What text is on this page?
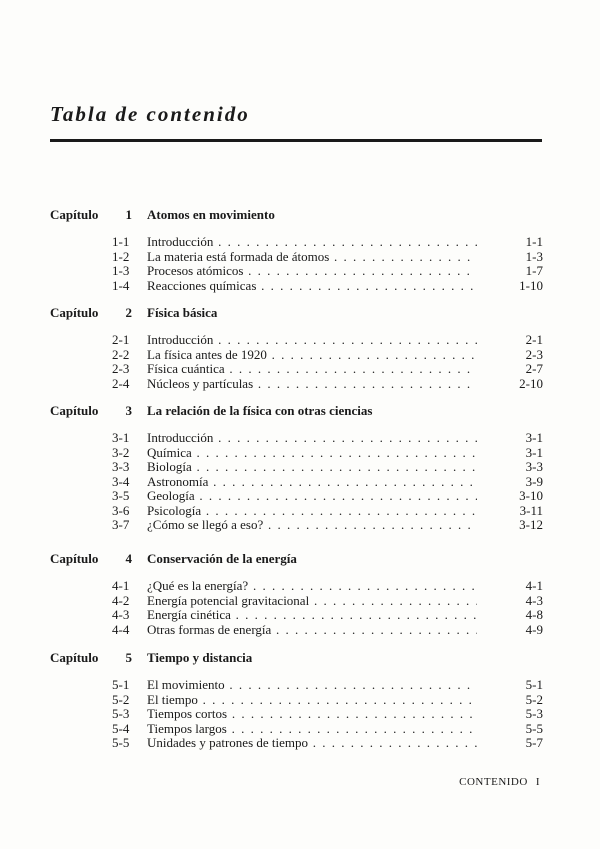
Tabla de contenido
Capítulo	1 Atomos en movimiento
1-1 Introducción . . .	1-1
1-2 La materia está formada de átomos . . .	1-3
1-3 Procesos atómicos . . .	1-7
1-4 Reacciones químicas . . .	1-10
Capítulo	2 Física básica
2-1 Introducción . . .	2-1
2-2 La física antes de 1920 . . .	2-3
2-3 Física cuántica . . .	2-7
2-4 Núcleos y partículas . . .	2-10
Capítulo	3 La relación de la física con otras ciencias
3-1 Introducción . . .	3-1
3-2 Química . . .	3-1
3-3 Biología . . .	3-3
3-4 Astronomía . . .	3-9
3-5 Geología . . .	3-10
3-6 Psicología . . .	3-11
3-7 ¿Cómo se llegó a eso? . . .	3-12
Capítulo	4 Conservación de la energía
4-1 ¿Qué es la energía? . . .	4-1
4-2 Energía potencial gravitacional . . .	4-3
4-3 Energía cinética . . .	4-8
4-4 Otras formas de energía . . .	4-9
Capítulo	5 Tiempo y distancia
5-1 El movimiento . . .	5-1
5-2 El tiempo . . .	5-2
5-3 Tiempos cortos . . .	5-3
5-4 Tiempos largos . . .	5-5
5-5 Unidades y patrones de tiempo . . .	5-7
CONTENIDO I
